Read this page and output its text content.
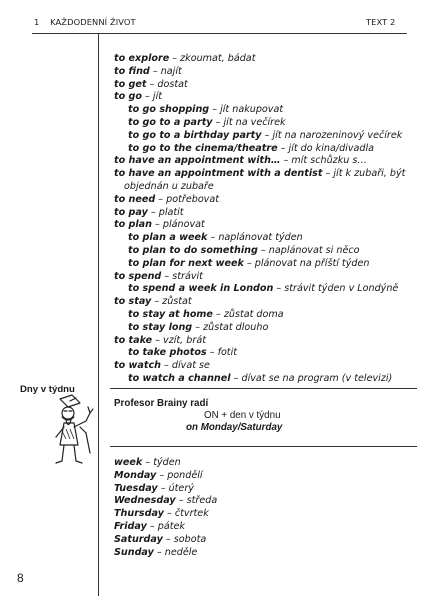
1 KAŽDODENNÍ ŽIVOT	TEXT 2
to explore – zkoumat, bádat
to find – najít
to get – dostat
to go – jít
to go shopping – jít nakupovat
to go to a party – jít na večírek
to go to a birthday party – jít na narozeninový večírek
to go to the cinema/theatre – jít do kina/divadla
to have an appointment with… – mít schůzku s…
to have an appointment with a dentist – jít k zubaři, být
objednán u zubaře
to need – potřebovat
to pay – platit
to plan – plánovat
to plan a week – naplánovat týden
to plan to do something – naplánovat si něco
to plan for next week – plánovat na příští týden
to spend – strávit
to spend a week in London – strávit týden v Londýně
to stay – zůstat
to stay at home – zůstat doma
to stay long – zůstat dlouho
to take – vzít, brát
to take photos – fotit
to watch – dívat se
to watch a channel – dívat se na program (v televizi)
Dny v týdnu
Profesor Brainy radí
ON + den v týdnu
on Monday/Saturday
week – týden
Monday – pondělí
Tuesday – úterý
Wednesday – středa
Thursday – čtvrtek
Friday – pátek
Saturday – sobota
Sunday – neděle
8
